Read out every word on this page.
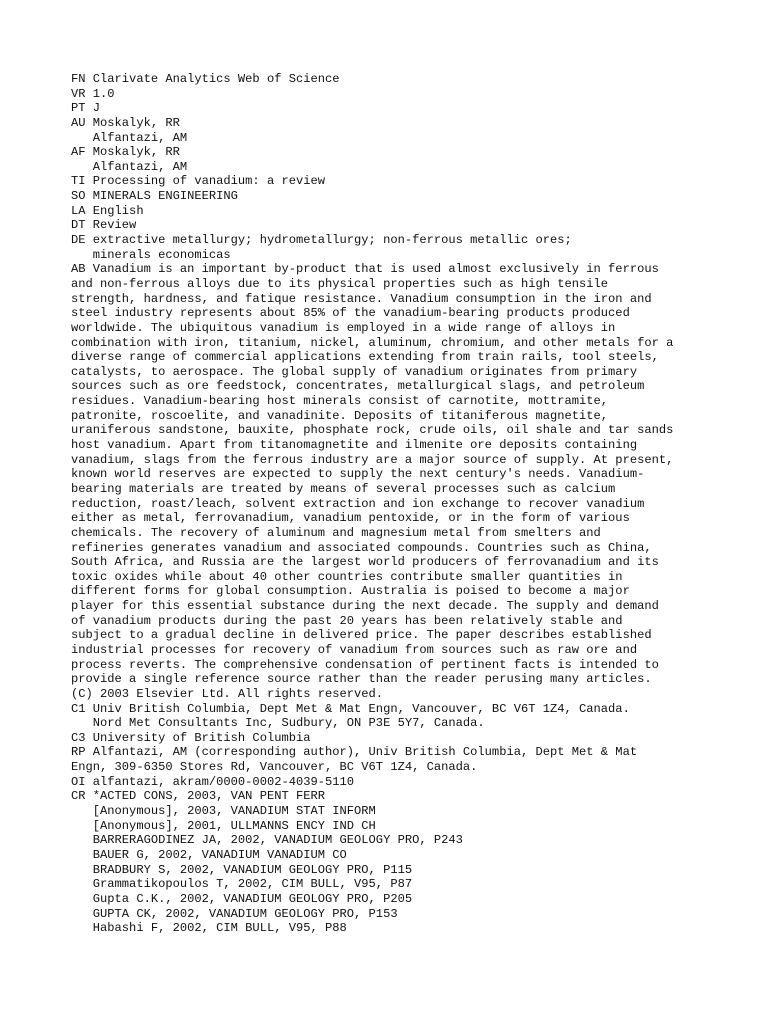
FN Clarivate Analytics Web of Science
VR 1.0
PT J
AU Moskalyk, RR
Alfantazi, AM
AF Moskalyk, RR
Alfantazi, AM
TI Processing of vanadium: a review
SO MINERALS ENGINEERING
LA English
DT Review
DE extractive metallurgy; hydrometallurgy; non-ferrous metallic ores;
minerals economicas
AB Vanadium is an important by-product that is used almost exclusively in ferrous
and non-ferrous alloys due to its physical properties such as high tensile
strength, hardness, and fatique resistance. Vanadium consumption in the iron and
steel industry represents about 85% of the vanadium-bearing products produced
worldwide. The ubiquitous vanadium is employed in a wide range of alloys in
combination with iron, titanium, nickel, aluminum, chromium, and other metals for a
diverse range of commercial applications extending from train rails, tool steels,
catalysts, to aerospace. The global supply of vanadium originates from primary
sources such as ore feedstock, concentrates, metallurgical slags, and petroleum
residues. Vanadium-bearing host minerals consist of carnotite, mottramite,
patronite, roscoelite, and vanadinite. Deposits of titaniferous magnetite,
uraniferous sandstone, bauxite, phosphate rock, crude oils, oil shale and tar sands
host vanadium. Apart from titanomagnetite and ilmenite ore deposits containing
vanadium, slags from the ferrous industry are a major source of supply. At present,
known world reserves are expected to supply the next century's needs. Vanadium-
bearing materials are treated by means of several processes such as calcium
reduction, roast/leach, solvent extraction and ion exchange to recover vanadium
either as metal, ferrovanadium, vanadium pentoxide, or in the form of various
chemicals. The recovery of aluminum and magnesium metal from smelters and
refineries generates vanadium and associated compounds. Countries such as China,
South Africa, and Russia are the largest world producers of ferrovanadium and its
toxic oxides while about 40 other countries contribute smaller quantities in
different forms for global consumption. Australia is poised to become a major
player for this essential substance during the next decade. The supply and demand
of vanadium products during the past 20 years has been relatively stable and
subject to a gradual decline in delivered price. The paper describes established
industrial processes for recovery of vanadium from sources such as raw ore and
process reverts. The comprehensive condensation of pertinent facts is intended to
provide a single reference source rather than the reader perusing many articles.
(C) 2003 Elsevier Ltd. All rights reserved.
C1 Univ British Columbia, Dept Met & Mat Engn, Vancouver, BC V6T 1Z4, Canada.
Nord Met Consultants Inc, Sudbury, ON P3E 5Y7, Canada.
C3 University of British Columbia
RP Alfantazi, AM (corresponding author), Univ British Columbia, Dept Met & Mat
Engn, 309-6350 Stores Rd, Vancouver, BC V6T 1Z4, Canada.
OI alfantazi, akram/0000-0002-4039-5110
CR *ACTED CONS, 2003, VAN PENT FERR
[Anonymous], 2003, VANADIUM STAT INFORM
[Anonymous], 2001, ULLMANNS ENCY IND CH
BARRERAGODINEZ JA, 2002, VANADIUM GEOLOGY PRO, P243
BAUER G, 2002, VANADIUM VANADIUM CO
BRADBURY S, 2002, VANADIUM GEOLOGY PRO, P115
Grammatikopoulos T, 2002, CIM BULL, V95, P87
Gupta C.K., 2002, VANADIUM GEOLOGY PRO, P205
GUPTA CK, 2002, VANADIUM GEOLOGY PRO, P153
Habashi F, 2002, CIM BULL, V95, P88
